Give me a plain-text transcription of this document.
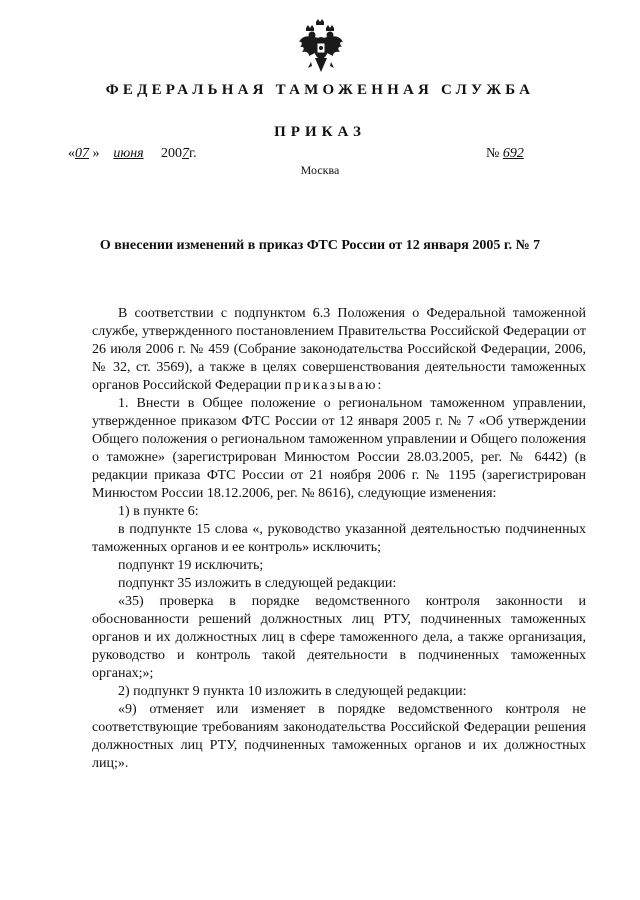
ФЕДЕРАЛЬНАЯ ТАМОЖЕННАЯ СЛУЖБА
ПРИКАЗ
«07 » июня 2007г.	№ 692
Москва
О внесении изменений в приказ ФТС России от 12 января 2005 г. № 7

В соответствии с подпунктом 6.3 Положения о Федеральной таможенной службе, утвержденного постановлением Правительства Российской Федерации от 26 июля 2006 г. № 459 (Собрание законодательства Российской Федерации, 2006, № 32, ст. 3569), а также в целях совершенствования деятельности таможенных органов Российской Федерации приказываю:

1. Внести в Общее положение о региональном таможенном управлении, утвержденное приказом ФТС России от 12 января 2005 г. № 7 «Об утверждении Общего положения о региональном таможенном управлении и Общего положения о таможне» (зарегистрирован Минюстом России 28.03.2005, рег. № 6442) (в редакции приказа ФТС России от 21 ноября 2006 г. № 1195 (зарегистрирован Минюстом России 18.12.2006, рег. № 8616), следующие изменения:

1) в пункте 6:

в подпункте 15 слова «, руководство указанной деятельностью подчиненных таможенных органов и ее контроль» исключить;

подпункт 19 исключить;

подпункт 35 изложить в следующей редакции:

«35) проверка в порядке ведомственного контроля законности и обоснованности решений должностных лиц РТУ, подчиненных таможенных органов и их должностных лиц в сфере таможенного дела, а также организация, руководство и контроль такой деятельности в подчиненных таможенных органах;»;

2) подпункт 9 пункта 10 изложить в следующей редакции:

«9) отменяет или изменяет в порядке ведомственного контроля не соответствующие требованиям законодательства Российской Федерации решения должностных лиц РТУ, подчиненных таможенных органов и их должностных лиц;».
